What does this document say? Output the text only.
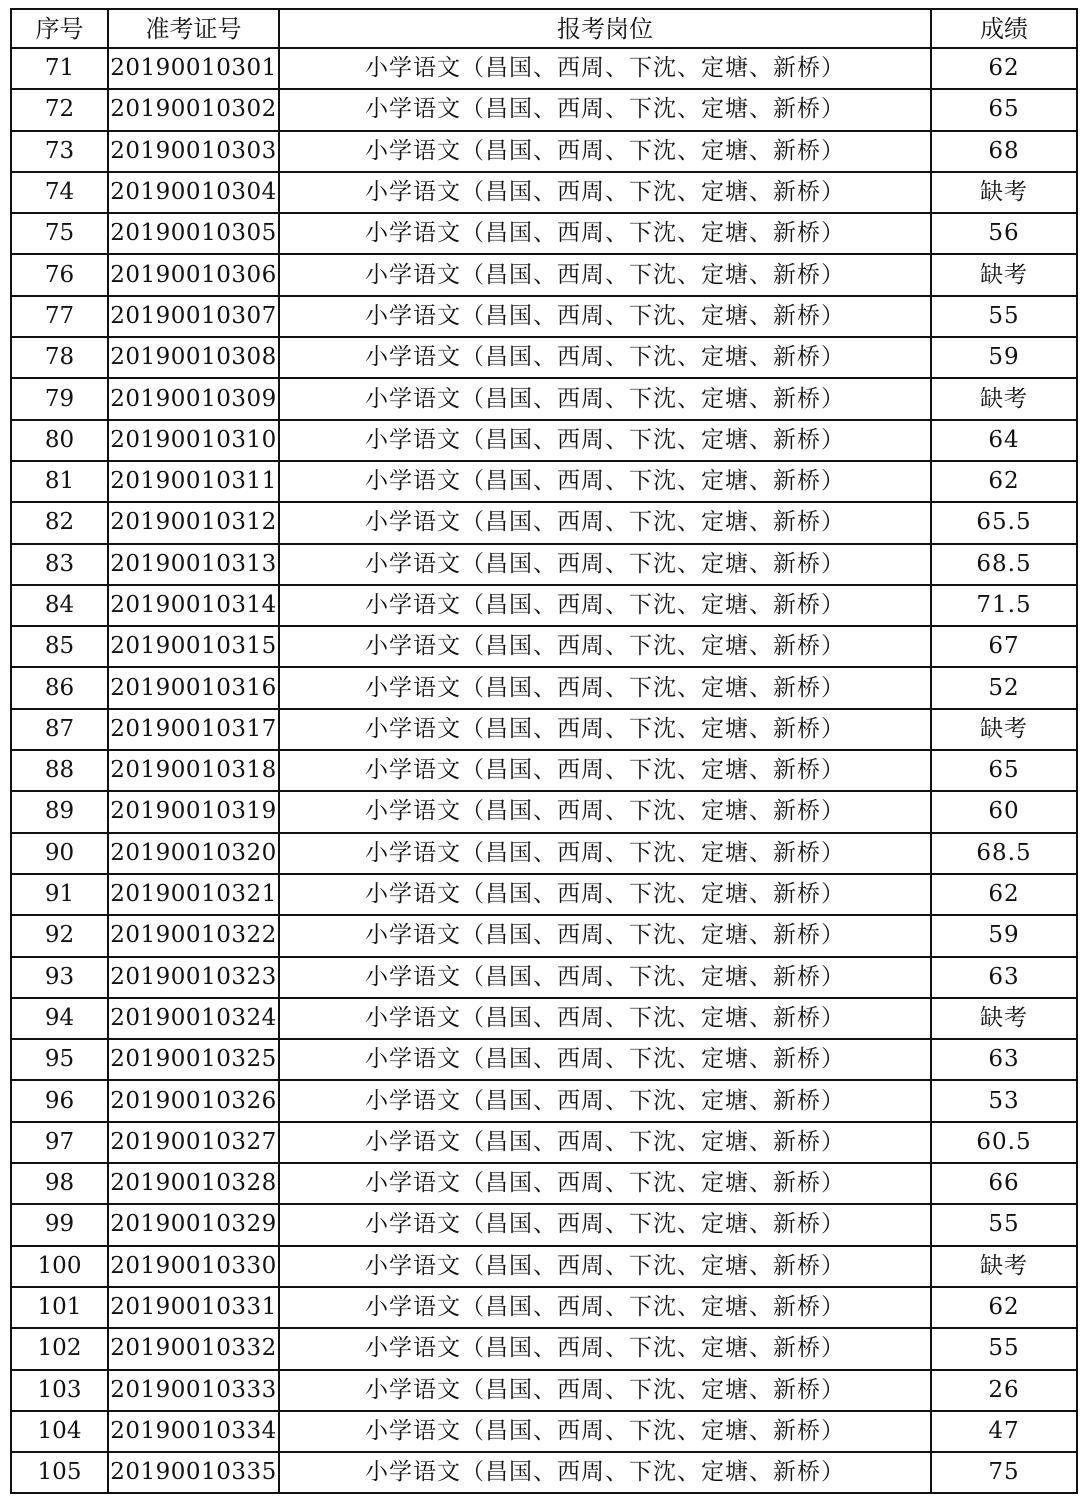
序号	准考证号	报考岗位	成绩
71	20190010301	小学语文（昌国、西周、下沈、定塘、新桥）	62
72	20190010302	小学语文（昌国、西周、下沈、定塘、新桥）	65
73	20190010303	小学语文（昌国、西周、下沈、定塘、新桥）	68
74	20190010304	小学语文（昌国、西周、下沈、定塘、新桥）	缺考
75	20190010305	小学语文（昌国、西周、下沈、定塘、新桥）	56
76	20190010306	小学语文（昌国、西周、下沈、定塘、新桥）	缺考
77	20190010307	小学语文（昌国、西周、下沈、定塘、新桥）	55
78	20190010308	小学语文（昌国、西周、下沈、定塘、新桥）	59
79	20190010309	小学语文（昌国、西周、下沈、定塘、新桥）	缺考
80	20190010310	小学语文（昌国、西周、下沈、定塘、新桥）	64
81	20190010311	小学语文（昌国、西周、下沈、定塘、新桥）	62
82	20190010312	小学语文（昌国、西周、下沈、定塘、新桥）	65.5
83	20190010313	小学语文（昌国、西周、下沈、定塘、新桥）	68.5
84	20190010314	小学语文（昌国、西周、下沈、定塘、新桥）	71.5
85	20190010315	小学语文（昌国、西周、下沈、定塘、新桥）	67
86	20190010316	小学语文（昌国、西周、下沈、定塘、新桥）	52
87	20190010317	小学语文（昌国、西周、下沈、定塘、新桥）	缺考
88	20190010318	小学语文（昌国、西周、下沈、定塘、新桥）	65
89	20190010319	小学语文（昌国、西周、下沈、定塘、新桥）	60
90	20190010320	小学语文（昌国、西周、下沈、定塘、新桥）	68.5
91	20190010321	小学语文（昌国、西周、下沈、定塘、新桥）	62
92	20190010322	小学语文（昌国、西周、下沈、定塘、新桥）	59
93	20190010323	小学语文（昌国、西周、下沈、定塘、新桥）	63
94	20190010324	小学语文（昌国、西周、下沈、定塘、新桥）	缺考
95	20190010325	小学语文（昌国、西周、下沈、定塘、新桥）	63
96	20190010326	小学语文（昌国、西周、下沈、定塘、新桥）	53
97	20190010327	小学语文（昌国、西周、下沈、定塘、新桥）	60.5
98	20190010328	小学语文（昌国、西周、下沈、定塘、新桥）	66
99	20190010329	小学语文（昌国、西周、下沈、定塘、新桥）	55
100	20190010330	小学语文（昌国、西周、下沈、定塘、新桥）	缺考
101	20190010331	小学语文（昌国、西周、下沈、定塘、新桥）	62
102	20190010332	小学语文（昌国、西周、下沈、定塘、新桥）	55
103	20190010333	小学语文（昌国、西周、下沈、定塘、新桥）	26
104	20190010334	小学语文（昌国、西周、下沈、定塘、新桥）	47
105	20190010335	小学语文（昌国、西周、下沈、定塘、新桥）	75
